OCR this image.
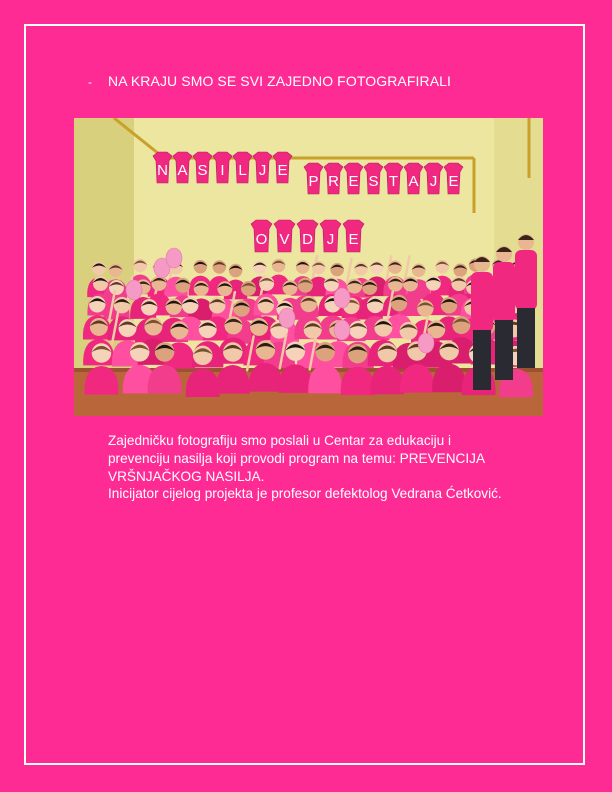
-	NA KRAJU SMO SE SVI ZAJEDNO FOTOGRAFIRALI
N A S I L J E
P R E S T A J E
O V D J E

Zajedničku fotografiju smo poslali u Centar za edukaciju i

prevenciju nasilja koji provodi program na temu: PREVENCIJA

VRŠNJAČKOG NASILJA.

Inicijator cijelog projekta je profesor defektolog Vedrana Ćetković.
